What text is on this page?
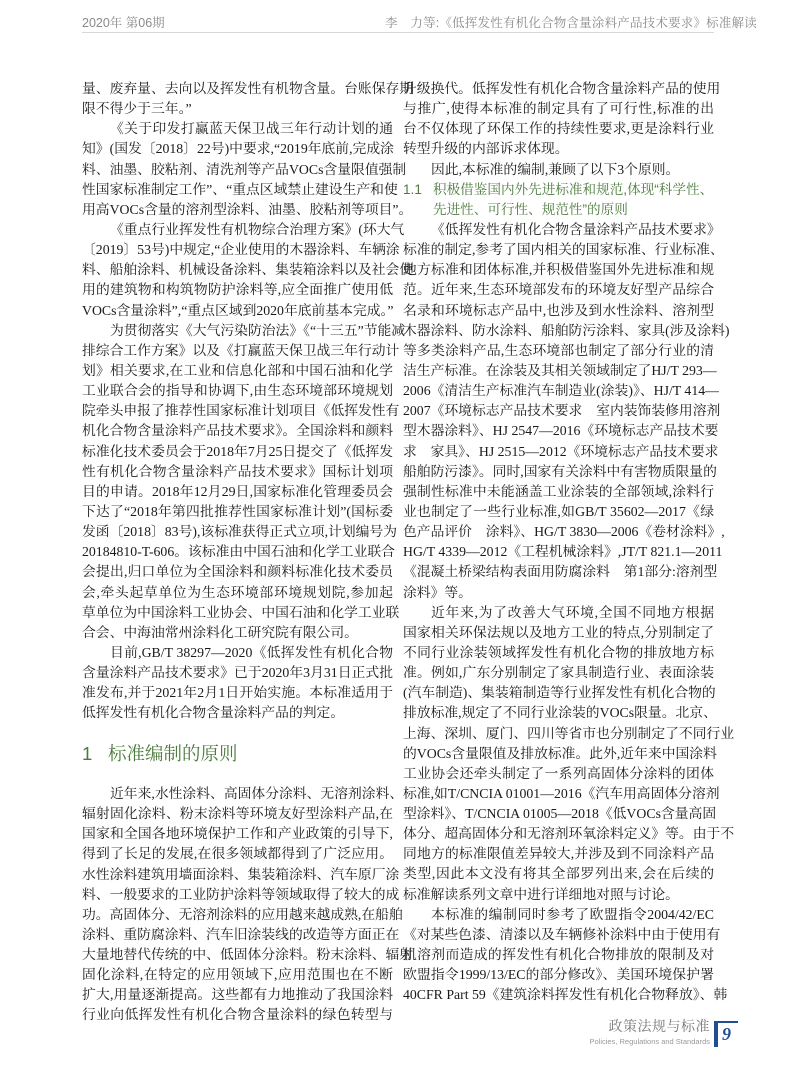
2020年 第06期	李　力等:《低挥发性有机化合物含量涂料产品技术要求》标准解读
量、废弃量、去向以及挥发性有机物含量。台账保存期
限不得少于三年。”
《关于印发打赢蓝天保卫战三年行动计划的通
知》(国发〔2018〕22号)中要求,“2019年底前,完成涂
料、油墨、胶粘剂、清洗剂等产品VOCs含量限值强制
性国家标准制定工作”、“重点区域禁止建设生产和使
用高VOCs含量的溶剂型涂料、油墨、胶粘剂等项目”。
《重点行业挥发性有机物综合治理方案》(环大气
〔2019〕53号)中规定,“企业使用的木器涂料、车辆涂
料、船舶涂料、机械设备涂料、集装箱涂料以及社会使
用的建筑物和构筑物防护涂料等,应全面推广使用低
VOCs含量涂料”,“重点区域到2020年底前基本完成。”
为贯彻落实《大气污染防治法》《“十三五”节能减
排综合工作方案》以及《打赢蓝天保卫战三年行动计
划》相关要求,在工业和信息化部和中国石油和化学
工业联合会的指导和协调下,由生态环境部环境规划
院牵头申报了推荐性国家标准计划项目《低挥发性有
机化合物含量涂料产品技术要求》。全国涂料和颜料
标准化技术委员会于2018年7月25日提交了《低挥发
性有机化合物含量涂料产品技术要求》国标计划项
目的申请。2018年12月29日,国家标准化管理委员会
下达了“2018年第四批推荐性国家标准计划”(国标委
发函〔2018〕83号),该标准获得正式立项,计划编号为
20184810-T-606。该标准由中国石油和化学工业联合
会提出,归口单位为全国涂料和颜料标准化技术委员
会,牵头起草单位为生态环境部环境规划院,参加起
草单位为中国涂料工业协会、中国石油和化学工业联
合会、中海油常州涂料化工研究院有限公司。
目前,GB/T 38297—2020《低挥发性有机化合物
含量涂料产品技术要求》已于2020年3月31日正式批
准发布,并于2021年2月1日开始实施。本标准适用于
低挥发性有机化合物含量涂料产品的判定。
1 标准编制的原则
近年来,水性涂料、高固体分涂料、无溶剂涂料、
辐射固化涂料、粉末涂料等环境友好型涂料产品,在
国家和全国各地环境保护工作和产业政策的引导下,
得到了长足的发展,在很多领域都得到了广泛应用。
水性涂料建筑用墙面涂料、集装箱涂料、汽车原厂涂
料、一般要求的工业防护涂料等领域取得了较大的成
功。高固体分、无溶剂涂料的应用越来越成熟,在船舶
涂料、重防腐涂料、汽车旧涂装线的改造等方面正在
大量地替代传统的中、低固体分涂料。粉末涂料、辐射
固化涂料,在特定的应用领域下,应用范围也在不断
扩大,用量逐渐提高。这些都有力地推动了我国涂料
行业向低挥发性有机化合物含量涂料的绿色转型与
升级换代。低挥发性有机化合物含量涂料产品的使用
与推广,使得本标准的制定具有了可行性,标准的出
台不仅体现了环保工作的持续性要求,更是涂料行业
转型升级的内部诉求体现。
因此,本标准的编制,兼顾了以下3个原则。
1.1 积极借鉴国内外先进标准和规范,体现“科学性、
先进性、可行性、规范性”的原则
《低挥发性有机化合物含量涂料产品技术要求》
标准的制定,参考了国内相关的国家标准、行业标准、
地方标准和团体标准,并积极借鉴国外先进标准和规
范。近年来,生态环境部发布的环境友好型产品综合
名录和环境标志产品中,也涉及到水性涂料、溶剂型
木器涂料、防水涂料、船舶防污涂料、家具(涉及涂料)
等多类涂料产品,生态环境部也制定了部分行业的清
洁生产标准。在涂装及其相关领域制定了HJ/T 293—
2006《清洁生产标准汽车制造业(涂装)》、HJ/T 414—
2007《环境标志产品技术要求　室内装饰装修用溶剂
型木器涂料》、HJ 2547—2016《环境标志产品技术要
求　家具》、HJ 2515—2012《环境标志产品技术要求
船舶防污漆》。同时,国家有关涂料中有害物质限量的
强制性标准中未能涵盖工业涂装的全部领域,涂料行
业也制定了一些行业标准,如GB/T 35602—2017《绿
色产品评价　涂料》、HG/T 3830—2006《卷材涂料》,
HG/T 4339—2012《工程机械涂料》,JT/T 821.1—2011
《混凝土桥梁结构表面用防腐涂料　第1部分:溶剂型
涂料》等。
近年来,为了改善大气环境,全国不同地方根据
国家相关环保法规以及地方工业的特点,分别制定了
不同行业涂装领域挥发性有机化合物的排放地方标
准。例如,广东分别制定了家具制造行业、表面涂装
(汽车制造)、集装箱制造等行业挥发性有机化合物的
排放标准,规定了不同行业涂装的VOCs限量。北京、
上海、深圳、厦门、四川等省市也分别制定了不同行业
的VOCs含量限值及排放标准。此外,近年来中国涂料
工业协会还牵头制定了一系列高固体分涂料的团体
标准,如T/CNCIA 01001—2016《汽车用高固体分溶剂
型涂料》、T/CNCIA 01005—2018《低VOCs含量高固
体分、超高固体分和无溶剂环氧涂料定义》等。由于不
同地方的标准限值差异较大,并涉及到不同涂料产品
类型,因此本文没有将其全部罗列出来,会在后续的
标准解读系列文章中进行详细地对照与讨论。
本标准的编制同时参考了欧盟指令2004/42/EC
《对某些色漆、清漆以及车辆修补涂料中由于使用有
机溶剂而造成的挥发性有机化合物排放的限制及对
欧盟指令1999/13/EC的部分修改》、美国环境保护署
40CFR Part 59《建筑涂料挥发性有机化合物释放》、韩
政策法规与标准
Policies, Regulations and Standards 9
